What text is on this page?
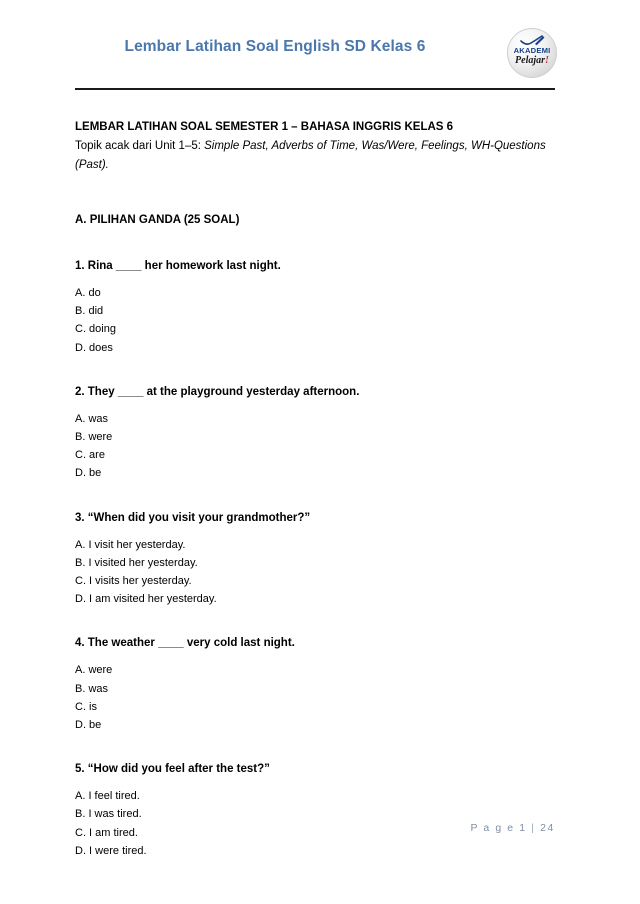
Lembar Latihan Soal English SD Kelas 6	AKADEMI
Pelajar!

LEMBAR LATIHAN SOAL SEMESTER 1 – BAHASA INGGRIS KELAS 6

Topik acak dari Unit 1–5: Simple Past, Adverbs of Time, Was/Were, Feelings, WH-Questions (Past).

A. PILIHAN GANDA (25 SOAL)

1. Rina ____ her homework last night.

A. do

B. did

C. doing

D. does

2. They ____ at the playground yesterday afternoon.

A. was

B. were

C. are

D. be

3. “When did you visit your grandmother?”

A. I visit her yesterday.

B. I visited her yesterday.

C. I visits her yesterday.

D. I am visited her yesterday.

4. The weather ____ very cold last night.

A. were

B. was

C. is

D. be

5. “How did you feel after the test?”

A. I feel tired.

B. I was tired.

C. I am tired.

D. I were tired.

P a g e 1 | 24
